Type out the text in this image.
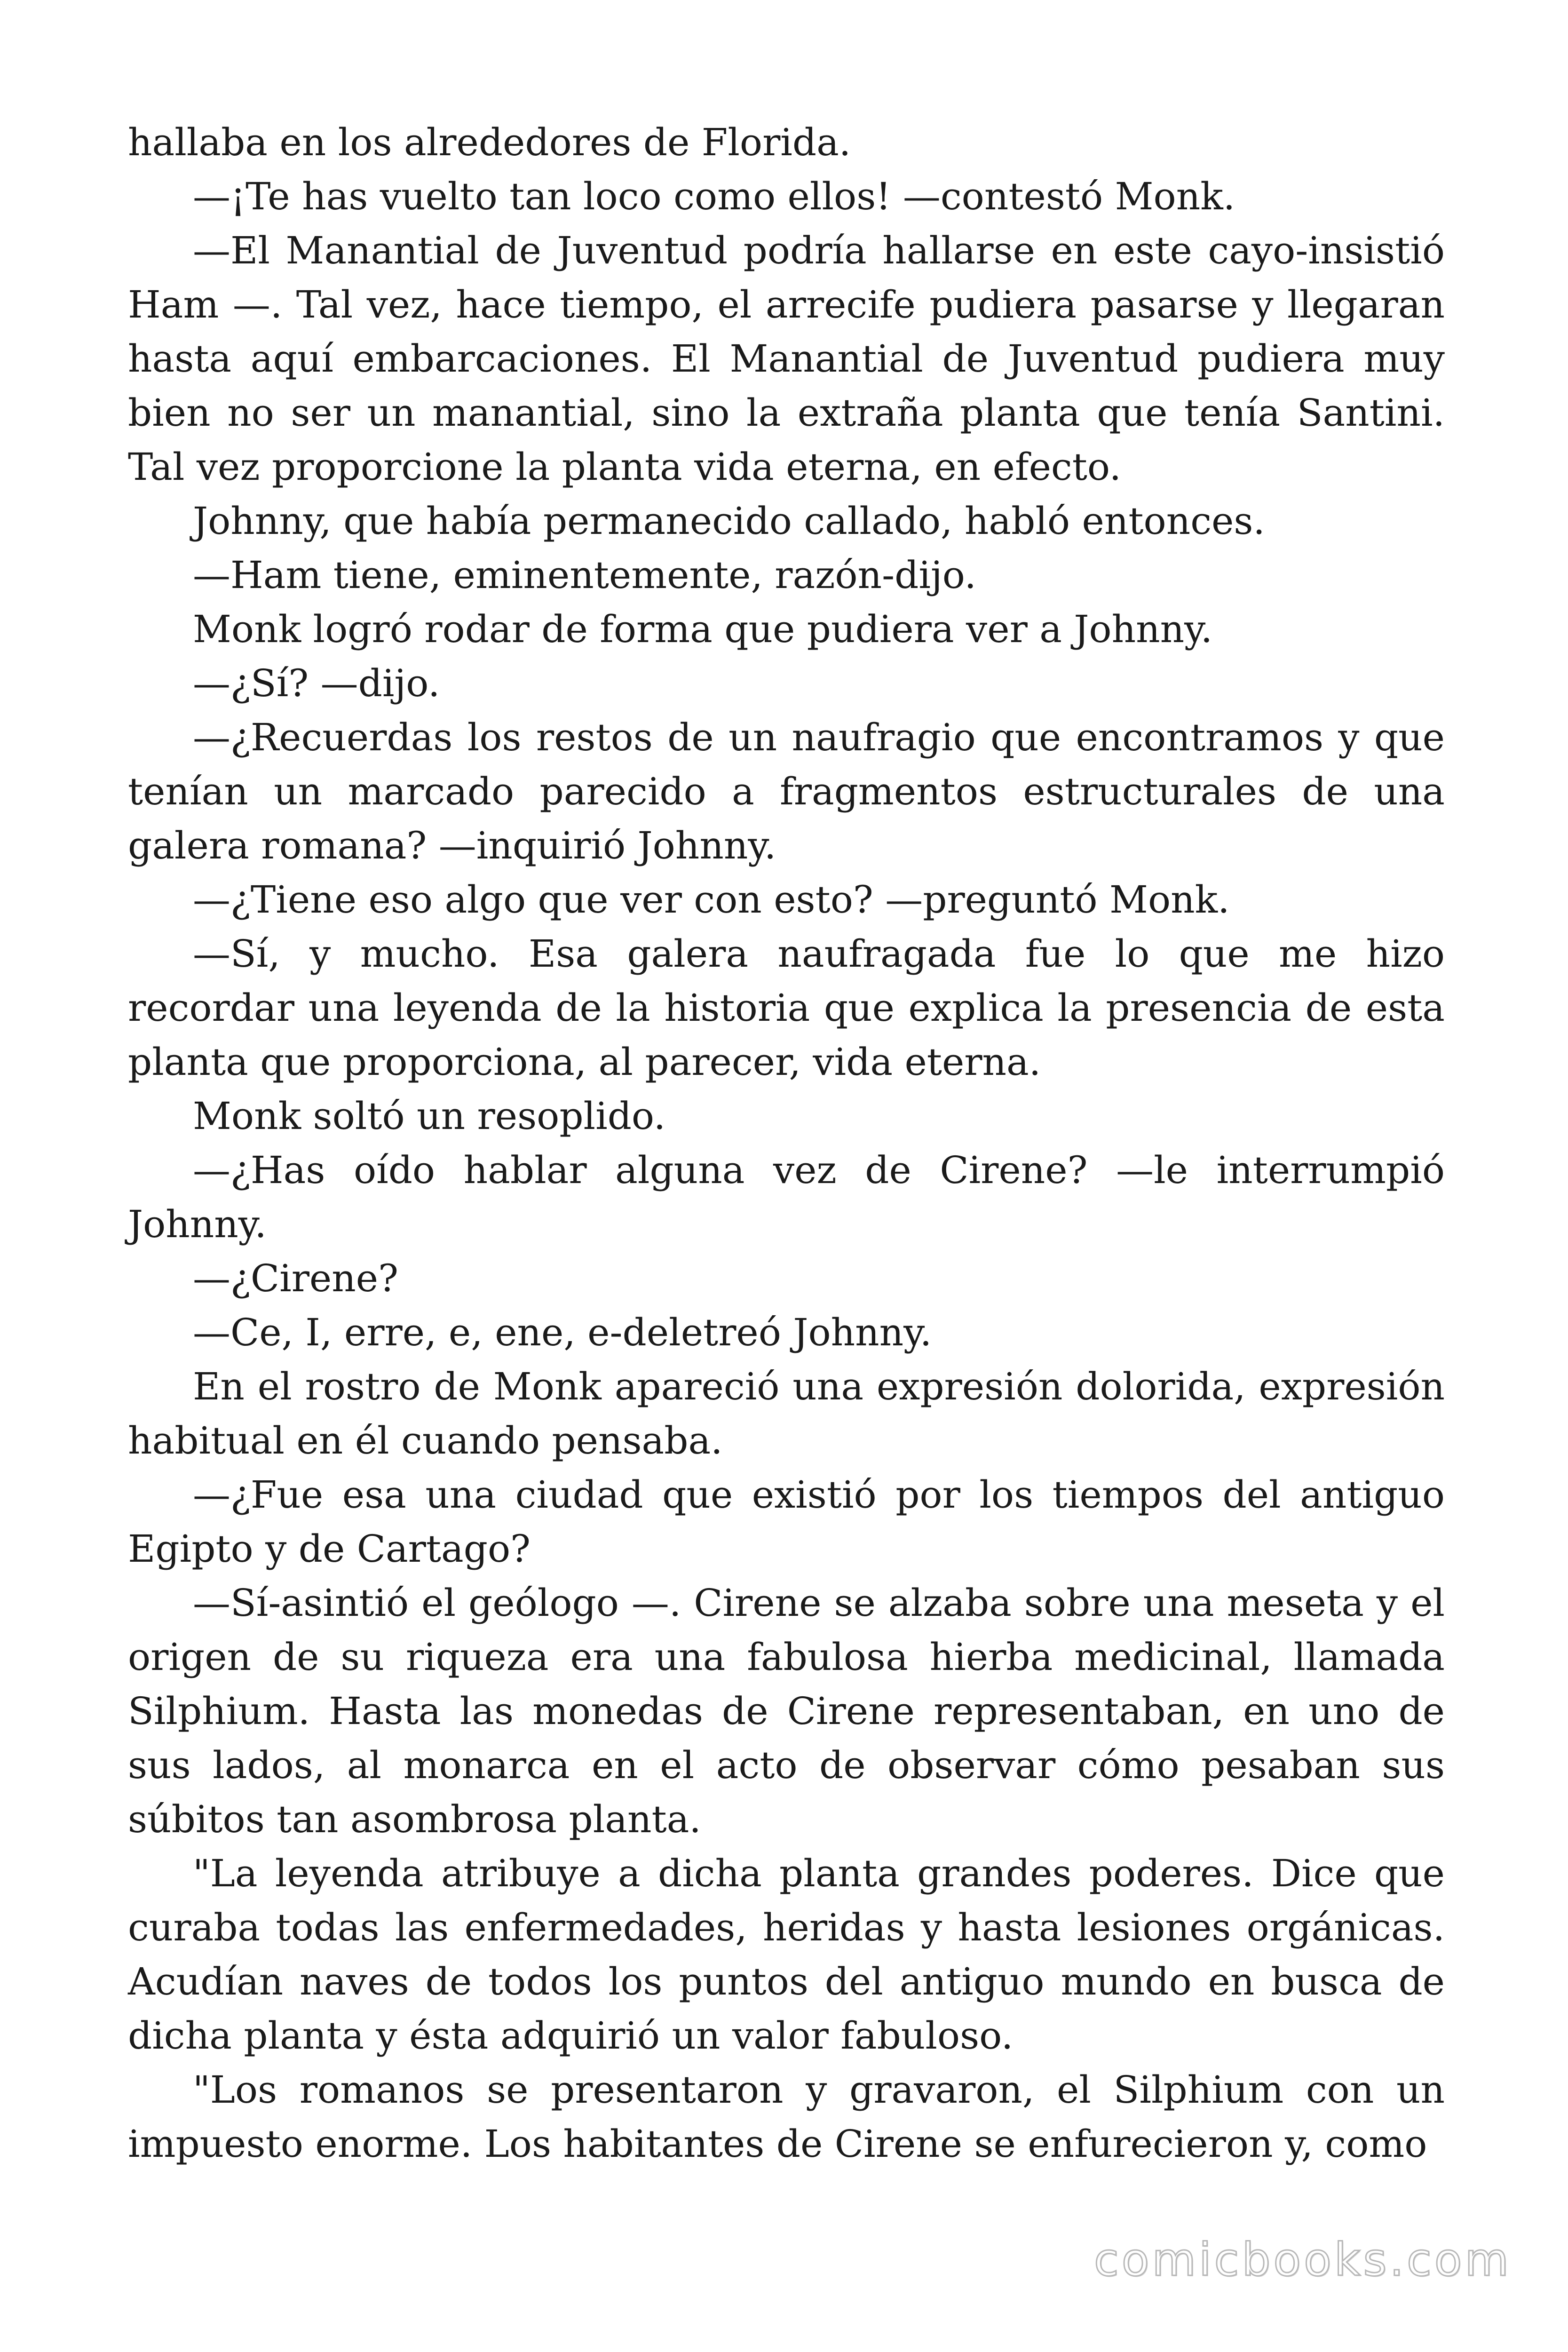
hallaba en los alrededores de Florida.

—¡Te has vuelto tan loco como ellos! —contestó Monk.

—El Manantial de Juventud podría hallarse en este cayo-insistió Ham —. Tal vez, hace tiempo, el arrecife pudiera pasarse y llegaran hasta aquí embarcaciones. El Manantial de Juventud pudiera muy bien no ser un manantial, sino la extraña planta que tenía Santini. Tal vez proporcione la planta vida eterna, en efecto.

Johnny, que había permanecido callado, habló entonces.

—Ham tiene, eminentemente, razón-dijo.

Monk logró rodar de forma que pudiera ver a Johnny.

—¿Sí? —dijo.

—¿Recuerdas los restos de un naufragio que encontramos y que tenían un marcado parecido a fragmentos estructurales de una galera romana? —inquirió Johnny.

—¿Tiene eso algo que ver con esto? —preguntó Monk.

—Sí, y mucho. Esa galera naufragada fue lo que me hizo recordar una leyenda de la historia que explica la presencia de esta planta que proporciona, al parecer, vida eterna.

Monk soltó un resoplido.

—¿Has oído hablar alguna vez de Cirene? —le interrumpió Johnny.

—¿Cirene?

—Ce, I, erre, e, ene, e-deletreó Johnny.

En el rostro de Monk apareció una expresión dolorida, expresión habitual en él cuando pensaba.

—¿Fue esa una ciudad que existió por los tiempos del antiguo Egipto y de Cartago?

—Sí-asintió el geólogo —. Cirene se alzaba sobre una meseta y el origen de su riqueza era una fabulosa hierba medicinal, llamada Silphium. Hasta las monedas de Cirene representaban, en uno de sus lados, al monarca en el acto de observar cómo pesaban sus súbitos tan asombrosa planta.

"La leyenda atribuye a dicha planta grandes poderes. Dice que curaba todas las enfermedades, heridas y hasta lesiones orgánicas. Acudían naves de todos los puntos del antiguo mundo en busca de dicha planta y ésta adquirió un valor fabuloso.

"Los romanos se presentaron y gravaron, el Silphium con un impuesto enorme. Los habitantes de Cirene se enfurecieron y, como

comicbooks.com
